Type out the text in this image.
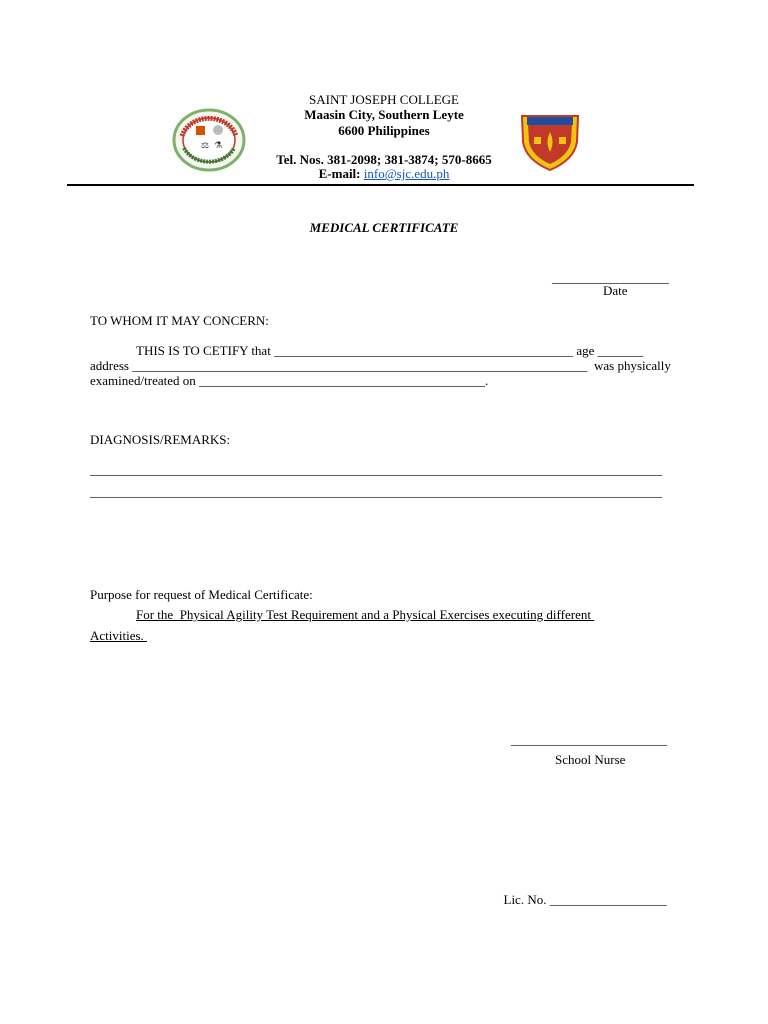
⚖ ⚗
SAINT JOSEPH COLLEGE
Maasin City, Southern Leyte
6600 Philippines
Tel. Nos. 381-2098; 381-3874; 570-8665
E-mail: info@sjc.edu.ph
MEDICAL CERTIFICATE
__________________
Date
TO WHOM IT MAY CONCERN:
THIS IS TO CETIFY that ______________________________________________ age _______
address ______________________________________________________________________ was physically
examined/treated on ____________________________________________.
DIAGNOSIS/REMARKS:
________________________________________________________________________________________
________________________________________________________________________________________
Purpose for request of Medical Certificate:
For the  Physical Agility Test Requirement and a Physical Exercises executing different
Activities.
________________________
School Nurse

Lic. No. __________________
